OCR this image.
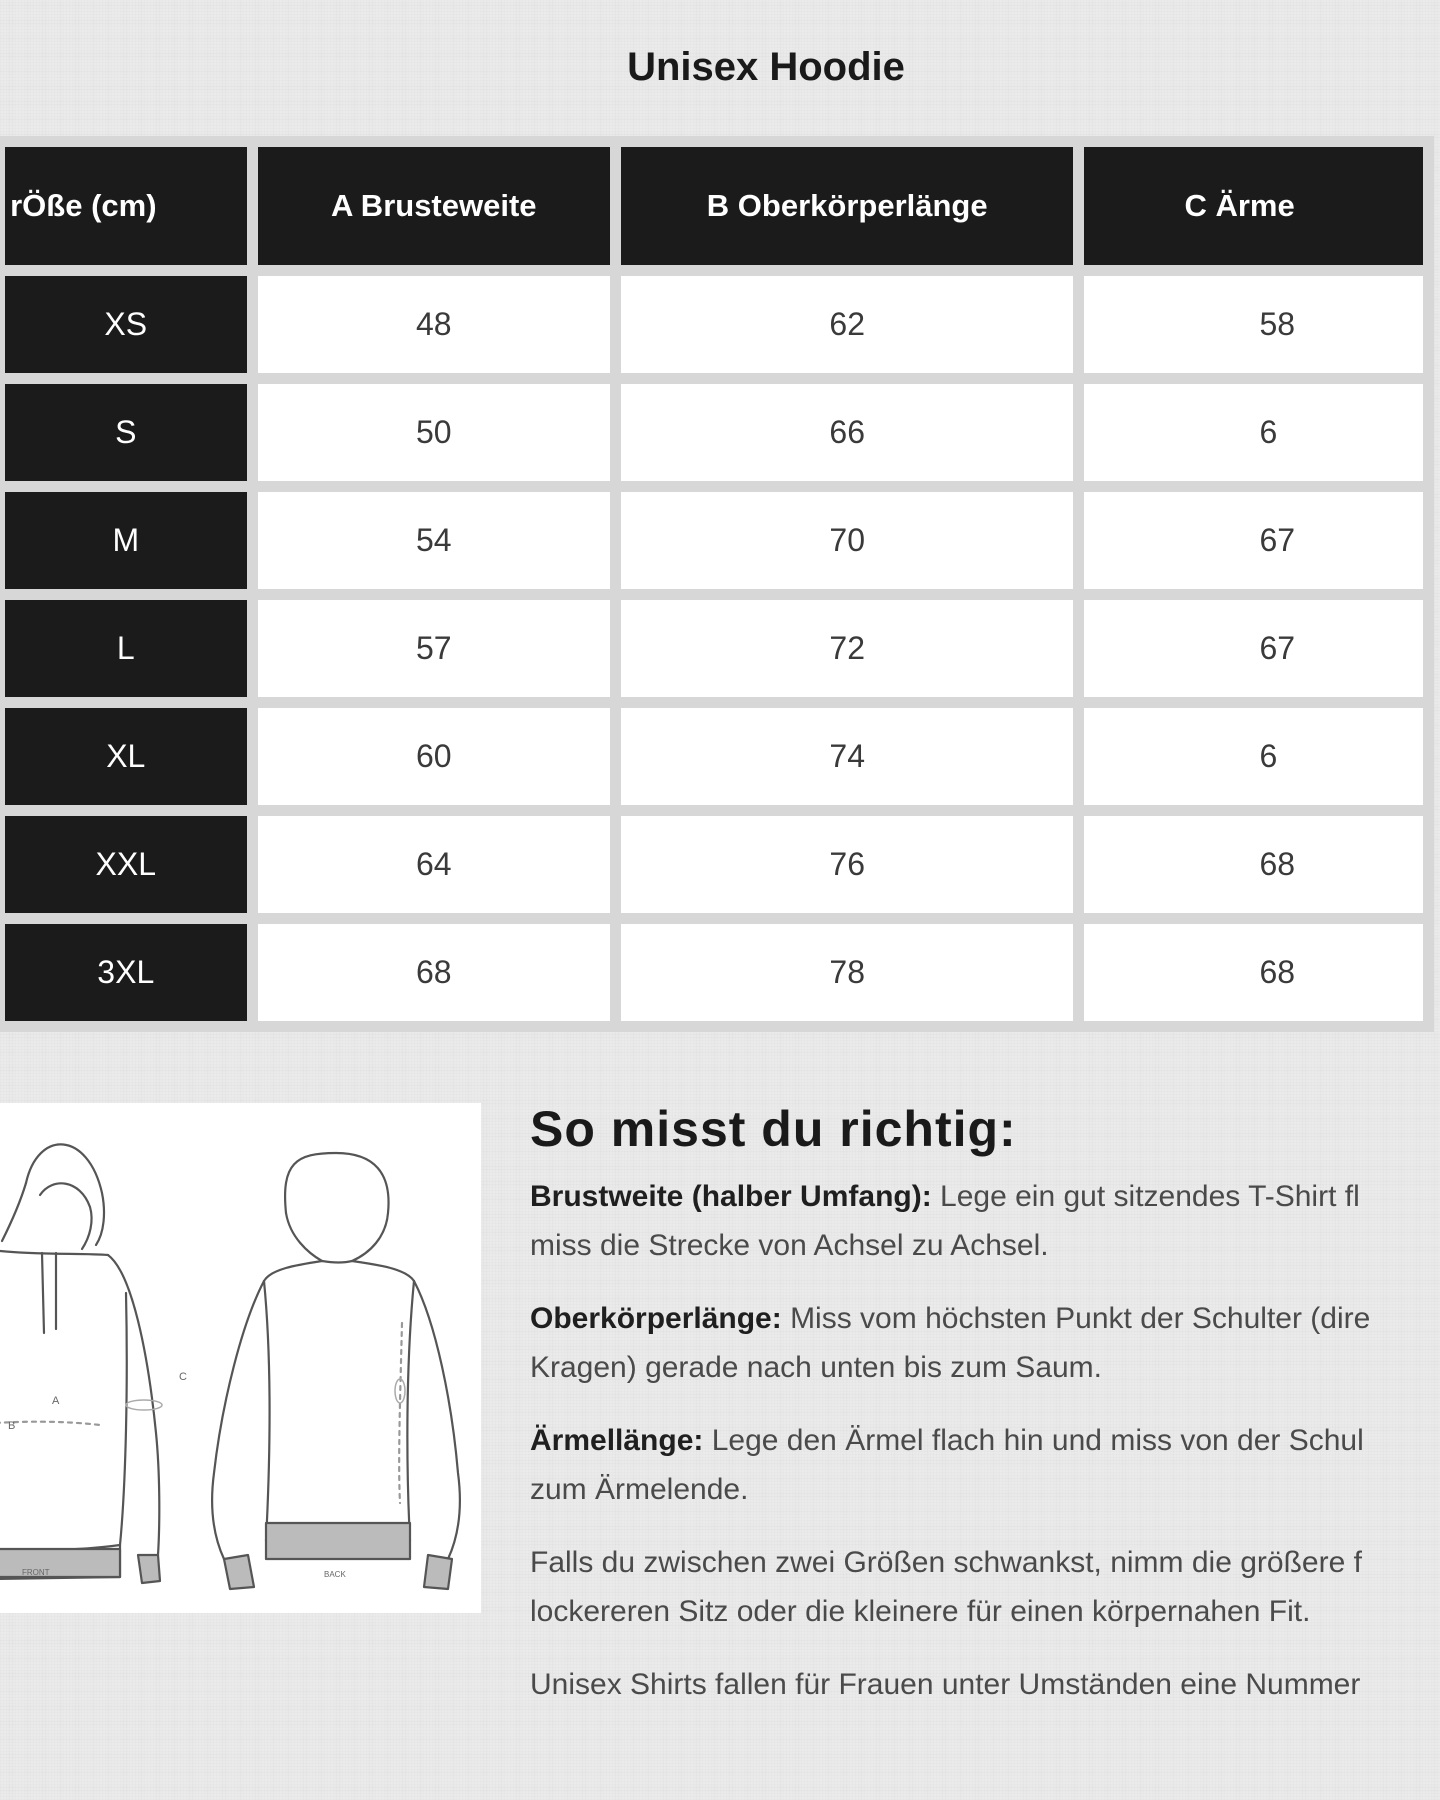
Unisex Hoodie
rÖße (cm)	A Brusteweite	B Oberkörperlänge	C Ärme
XS	48	62	58
S	50	66	6
M	54	70	67
L	57	72	67
XL	60	74	6
XXL	64	76	68
3XL	68	78	68
A
B
C
FRONT	BACK
So misst du richtig:

Brustweite (halber Umfang): Lege ein gut sitzendes T-Shirt fl
miss die Strecke von Achsel zu Achsel.

Oberkörperlänge: Miss vom höchsten Punkt der Schulter (dire
Kragen) gerade nach unten bis zum Saum.

Ärmellänge: Lege den Ärmel flach hin und miss von der Schul
zum Ärmelende.

Falls du zwischen zwei Größen schwankst, nimm die größere f
lockereren Sitz oder die kleinere für einen körpernahen Fit.

Unisex Shirts fallen für Frauen unter Umständen eine Nummer
